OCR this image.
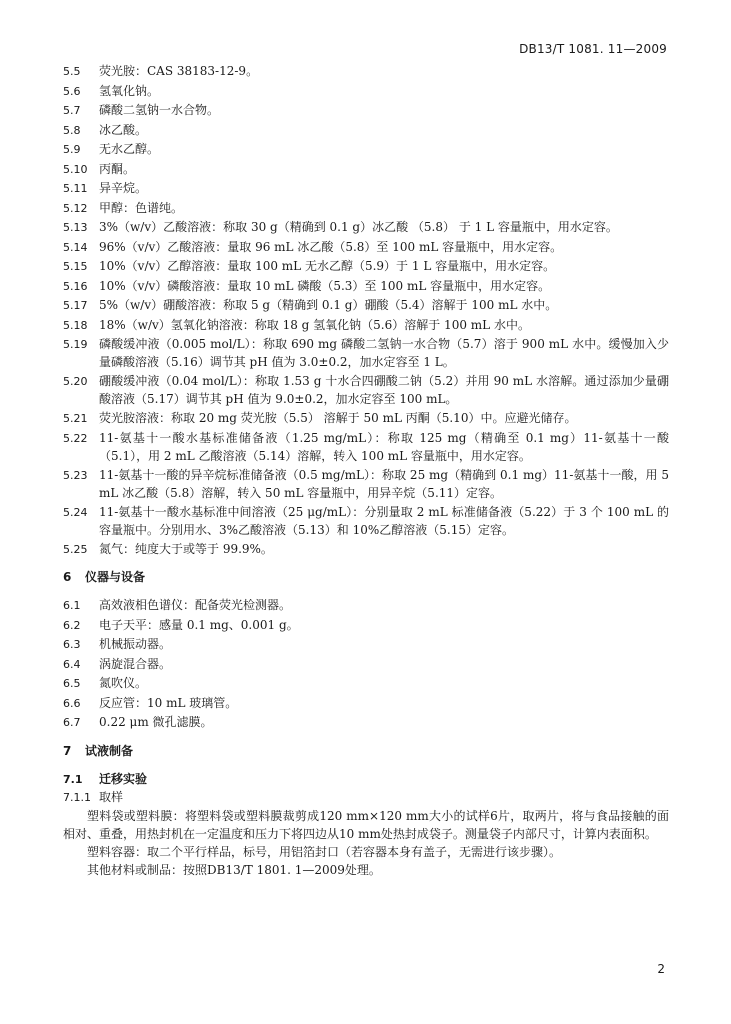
DB13/T 1081. 11—2009
5.5	荧光胺：CAS 38183-12-9。
5.6	氢氧化钠。
5.7	磷酸二氢钠一水合物。
5.8	冰乙酸。
5.9	无水乙醇。
5.10 丙酮。
5.11 异辛烷。
5.12 甲醇：色谱纯。
5.13 3%（w/v）乙酸溶液：称取 30 g（精确到 0.1 g）冰乙酸 （5.8） 于 1 L 容量瓶中，用水定容。
5.14 96%（v/v）乙酸溶液：量取 96 mL 冰乙酸（5.8）至 100 mL 容量瓶中，用水定容。
5.15 10%（v/v）乙醇溶液：量取 100 mL 无水乙醇（5.9）于 1 L 容量瓶中，用水定容。
5.16 10%（v/v）磷酸溶液：量取 10 mL 磷酸（5.3）至 100 mL 容量瓶中，用水定容。
5.17 5%（w/v）硼酸溶液：称取 5 g（精确到 0.1 g）硼酸（5.4）溶解于 100 mL 水中。
5.18 18%（w/v）氢氧化钠溶液：称取 18 g 氢氧化钠（5.6）溶解于 100 mL 水中。
5.19 磷酸缓冲液（0.005 mol/L）：称取 690 mg 磷酸二氢钠一水合物（5.7）溶于 900 mL 水中。缓慢加入少量磷酸溶液（5.16）调节其 pH 值为 3.0±0.2，加水定容至 1 L。
5.20 硼酸缓冲液（0.04 mol/L）：称取 1.53 g 十水合四硼酸二钠（5.2）并用 90 mL 水溶解。通过添加少量硼酸溶液（5.17）调节其 pH 值为 9.0±0.2，加水定容至 100 mL。
5.21 荧光胺溶液：称取 20 mg 荧光胺（5.5） 溶解于 50 mL 丙酮（5.10）中。应避光储存。
5.22 11-氨基十一酸水基标准储备液（1.25 mg/mL）：称取 125 mg（精确至 0.1 mg）11-氨基十一酸（5.1），用 2 mL 乙酸溶液（5.14）溶解，转入 100 mL 容量瓶中，用水定容。
5.23 11-氨基十一酸的异辛烷标准储备液（0.5 mg/mL）：称取 25 mg（精确到 0.1 mg）11-氨基十一酸，用 5 mL 冰乙酸（5.8）溶解，转入 50 mL 容量瓶中，用异辛烷（5.11）定容。
5.24 11-氨基十一酸水基标准中间溶液（25 μg/mL）：分别量取 2 mL 标准储备液（5.22）于 3 个 100 mL 的容量瓶中。分别用水、3%乙酸溶液（5.13）和 10%乙醇溶液（5.15）定容。
5.25 氮气：纯度大于或等于 99.9%。
6	仪器与设备
6.1	高效液相色谱仪：配备荧光检测器。
6.2	电子天平：感量 0.1 mg、0.001 g。
6.3	机械振动器。
6.4	涡旋混合器。
6.5	氮吹仪。
6.6	反应管：10 mL 玻璃管。
6.7	0.22 μm 微孔滤膜。
7	试液制备
7.1	迁移实验
7.1.1 取样
塑料袋或塑料膜：将塑料袋或塑料膜裁剪成120 mm×120 mm大小的试样6片，取两片，将与食品接触的面相对、重叠，用热封机在一定温度和压力下将四边从10 mm处热封成袋子。测量袋子内部尺寸，计算内表面积。
塑料容器：取二个平行样品，标号，用铝箔封口（若容器本身有盖子，无需进行该步骤）。
其他材料或制品：按照DB13/T 1801. 1—2009处理。
2
